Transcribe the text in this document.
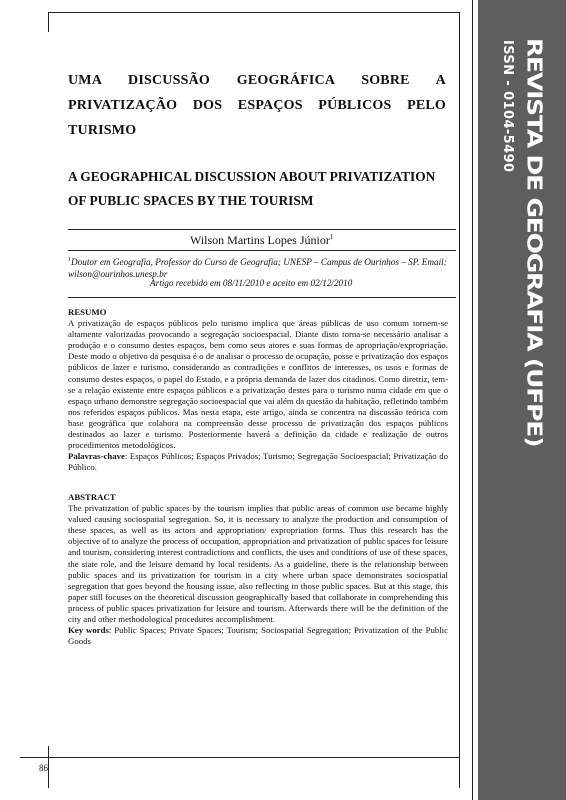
REVISTA DE GEOGRAFIA (UFPE)
ISSN - 0104-5490
UMA DISCUSSÃO GEOGRÁFICA SOBRE A
PRIVATIZAÇÃO DOS ESPAÇOS PÚBLICOS PELO
TURISMO
A GEOGRAPHICAL DISCUSSION ABOUT PRIVATIZATION
OF PUBLIC SPACES BY THE TOURISM
Wilson Martins Lopes Júnior$^1$
$^1$Doutor em Geografia, Professor do Curso de Geografia; UNESP – Campus de Ourinhos – SP. Email: wilson@ourinhos.unesp.br
Artigo recebido em 08/11/2010 e aceito em 02/12/2010
RESUMO
A privatização de espaços públicos pelo turismo implica que áreas públicas de uso comum tornem-se altamente valorizadas provocando a segregação socioespacial. Diante disto torna-se necessário analisar a produção e o consumo destes espaços, bem como seus atores e suas formas de apropriação/expropriação. Deste modo o objetivo da pesquisa é o de analisar o processo de ocupação, posse e privatização dos espaços públicos de lazer e turismo, considerando as contradições e conflitos de interesses, os usos e formas de consumo destes espaços, o papel do Estado, e a própria demanda de lazer dos citadinos. Como diretriz, tem-se a relação existente entre espaços públicos e a privatização destes para o turismo numa cidade em que o espaço urbano demonstre segregação socioespacial que vai além da questão da habitação, refletindo também nos referidos espaços públicos. Mas nesta etapa, este artigo, ainda se concentra na discussão teórica com base geográfica que colabora na compreensão desse processo de privatização dos espaços públicos destinados ao lazer e turismo. Posteriormente haverá a definição da cidade e realização de outros procedimentos metodológicos.
Palavras-chave: Espaços Públicos; Espaços Privados; Turismo; Segregação Socioespacial; Privatização do Público.
ABSTRACT
The privatization of public spaces by the tourism implies that public areas of common use became highly valued causing sociospatial segregation. So, it is necessary to analyze the production and consumption of these spaces, as well as its actors and appropriation/ expropriation forms. Thus this research has the objective of to analyze the process of occupation, appropriation and privatization of public spaces for leisure and tourism, considering interest contradictions and conflicts, the uses and conditions of use of these spaces, the state role, and the leisure demand by local residents. As a guideline, there is the relationship between public spaces and its privatization for tourism in a city where urban space demonstrates sociospatial segregation that goes beyond the housing issue, also reflecting in those public spaces. But at this stage, this paper still focuses on the theoretical discussion geographically based that collaborate in comprehending this process of public spaces privatization for leisure and tourism. Afterwards there will be the definition of the city and other methodological procedures accomplishment.
Key words: Public Spaces; Private Spaces; Tourism; Sociospatial Segregation; Privatization of the Public Goods
86
